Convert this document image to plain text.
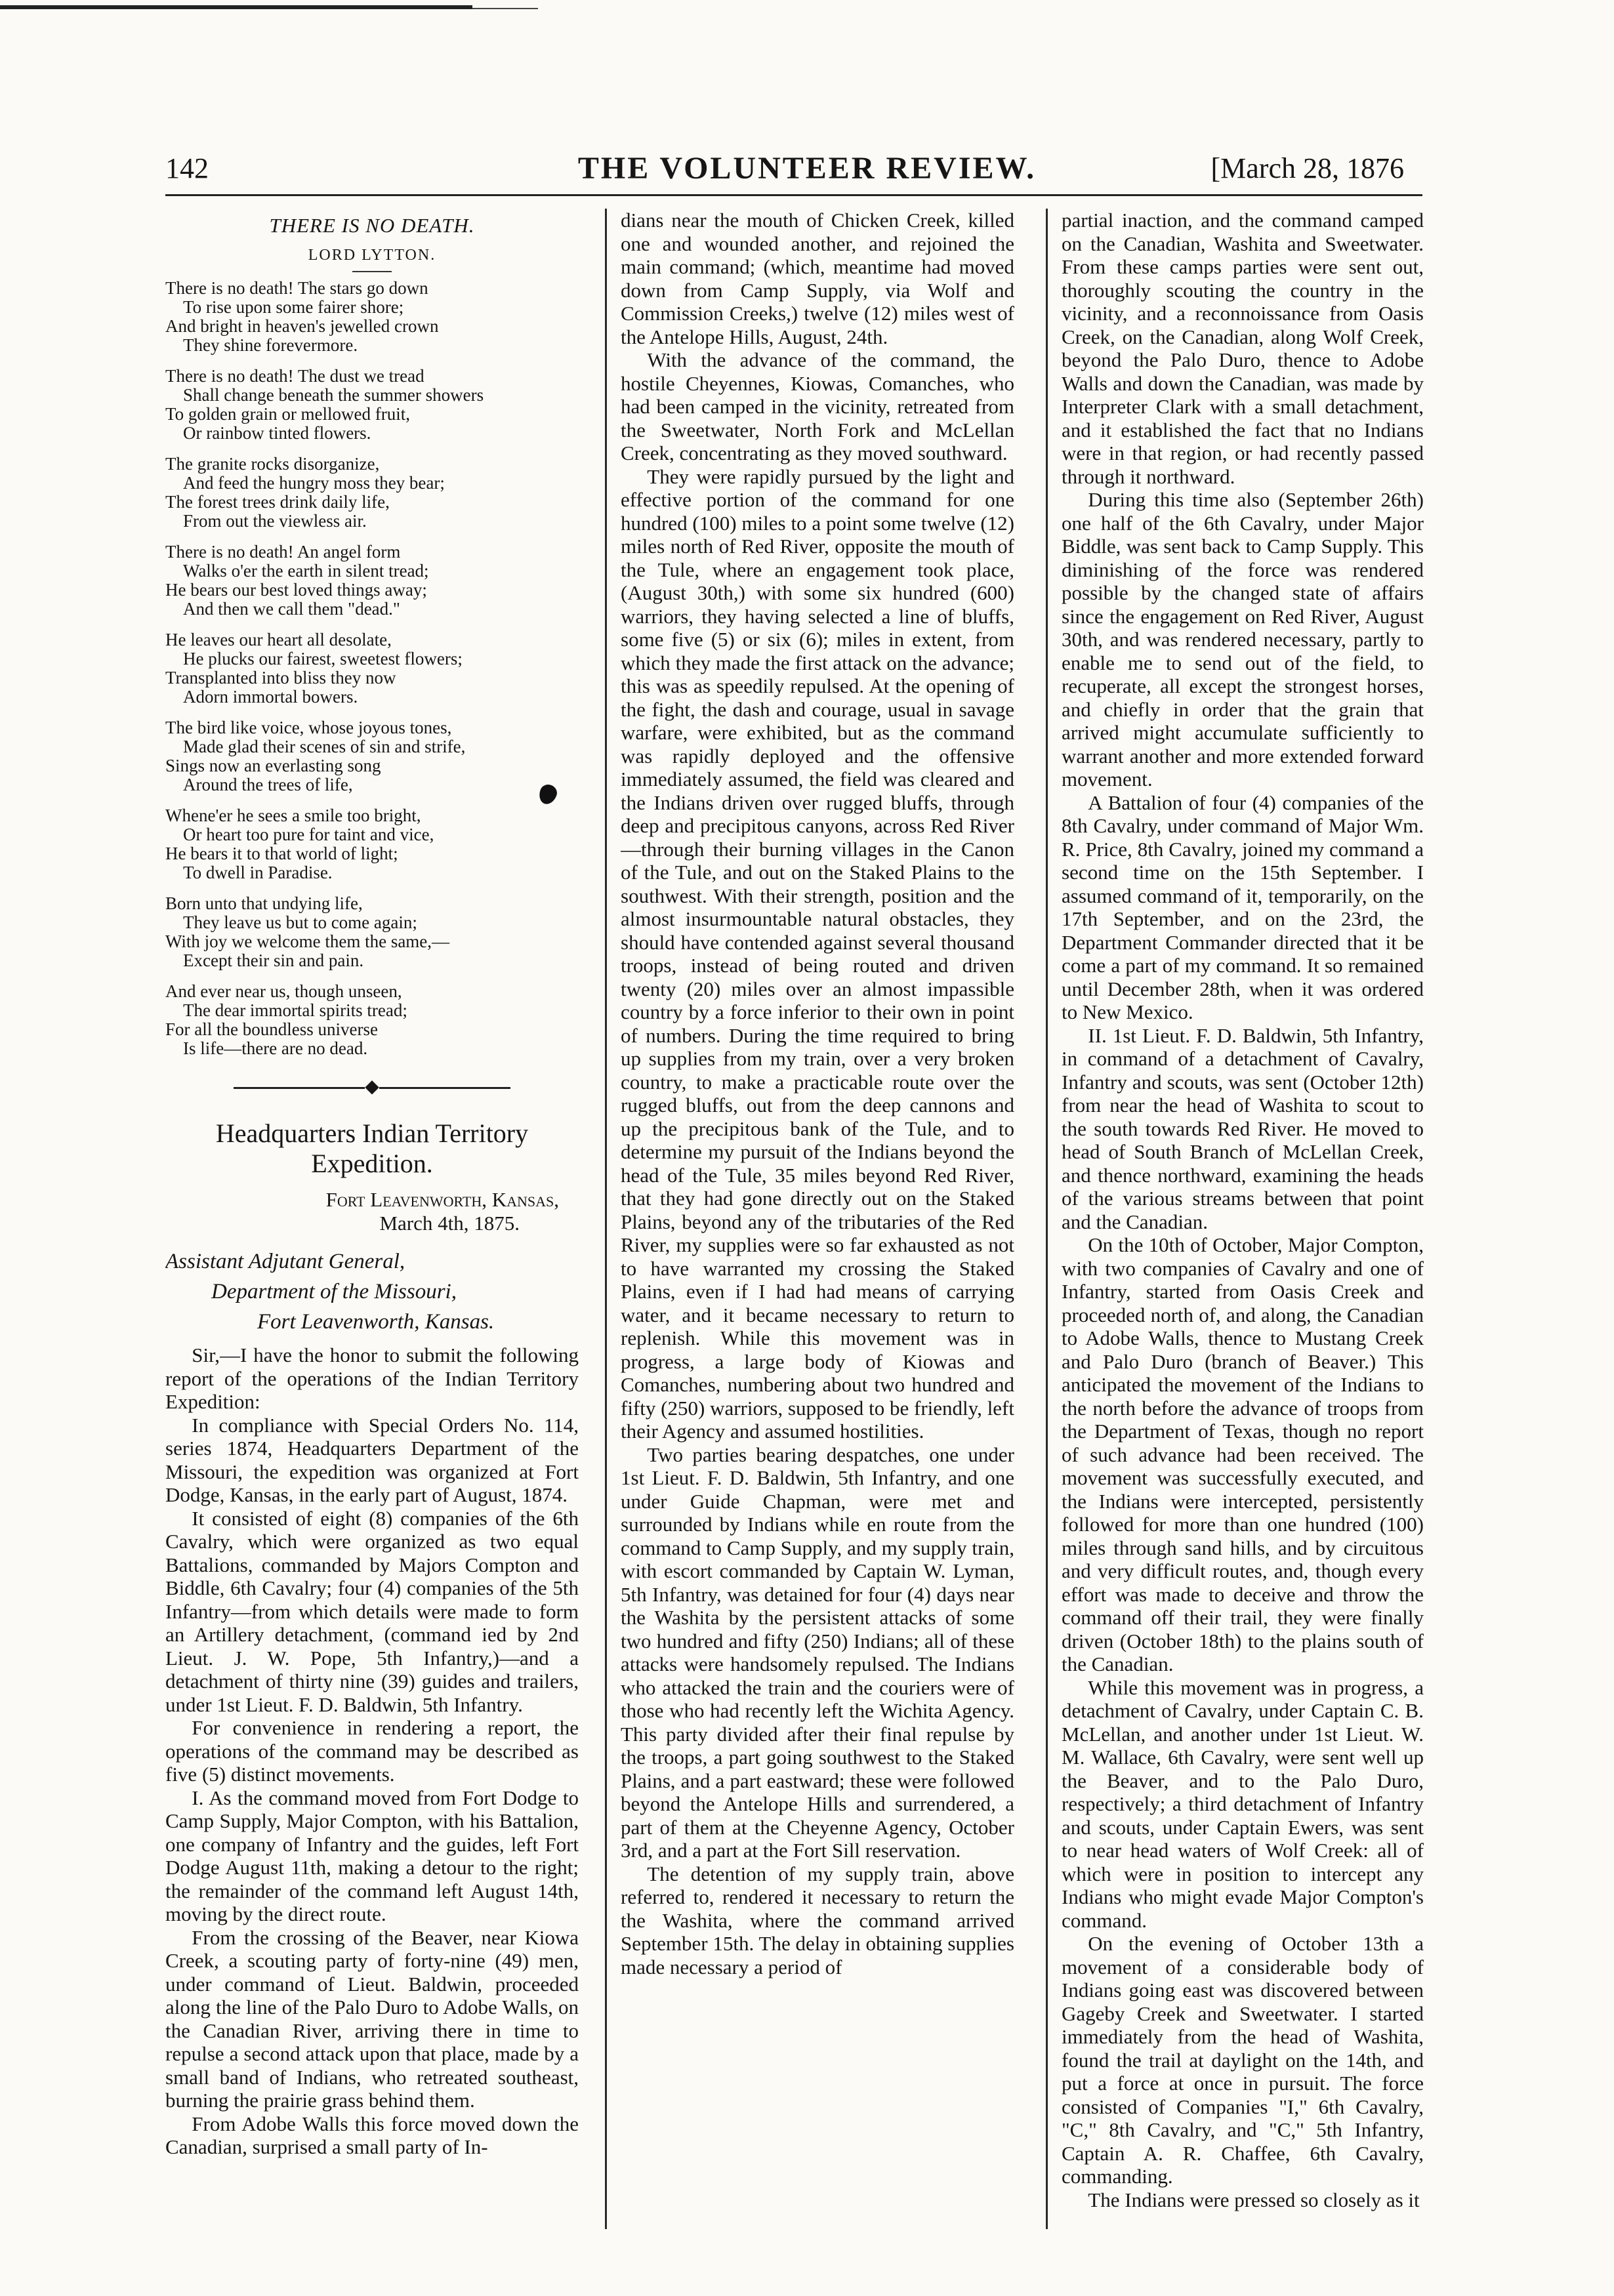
142	THE VOLUNTEER REVIEW.	[March 28, 1876
THERE IS NO DEATH.
LORD LYTTON.
There is no death! The stars go down
To rise upon some fairer shore;
And bright in heaven's jewelled crown
They shine forevermore.
There is no death! The dust we tread
Shall change beneath the summer showers
To golden grain or mellowed fruit,
Or rainbow tinted flowers.
The granite rocks disorganize,
And feed the hungry moss they bear;
The forest trees drink daily life,
From out the viewless air.
There is no death! An angel form
Walks o'er the earth in silent tread;
He bears our best loved things away;
And then we call them "dead."
He leaves our heart all desolate,
He plucks our fairest, sweetest flowers;
Transplanted into bliss they now
Adorn immortal bowers.
The bird like voice, whose joyous tones,
Made glad their scenes of sin and strife,
Sings now an everlasting song
Around the trees of life,
Whene'er he sees a smile too bright,
Or heart too pure for taint and vice,
He bears it to that world of light;
To dwell in Paradise.
Born unto that undying life,
They leave us but to come again;
With joy we welcome them the same,—
Except their sin and pain.
And ever near us, though unseen,
The dear immortal spirits tread;
For all the boundless universe
Is life—there are no dead.
◆
Headquarters Indian Territory Expedition.
Fort Leavenworth, Kansas,
March 4th, 1875.
Assistant Adjutant General,
Department of the Missouri,
Fort Leavenworth, Kansas.

Sir,—I have the honor to submit the following report of the operations of the Indian Territory Expedition:

In compliance with Special Orders No. 114, series 1874, Headquarters Department of the Missouri, the expedition was organized at Fort Dodge, Kansas, in the early part of August, 1874.

It consisted of eight (8) companies of the 6th Cavalry, which were organized as two equal Battalions, commanded by Majors Compton and Biddle, 6th Cavalry; four (4) companies of the 5th Infantry—from which details were made to form an Artillery detachment, (command ied by 2nd Lieut. J. W. Pope, 5th Infantry,)—and a detachment of thirty nine (39) guides and trailers, under 1st Lieut. F. D. Baldwin, 5th Infantry.

For convenience in rendering a report, the operations of the command may be described as five (5) distinct movements.

I. As the command moved from Fort Dodge to Camp Supply, Major Compton, with his Battalion, one company of Infantry and the guides, left Fort Dodge August 11th, making a detour to the right; the remainder of the command left August 14th, moving by the direct route.

From the crossing of the Beaver, near Kiowa Creek, a scouting party of forty-nine (49) men, under command of Lieut. Baldwin, proceeded along the line of the Palo Duro to Adobe Walls, on the Canadian River, arriving there in time to repulse a second attack upon that place, made by a small band of Indians, who retreated southeast, burning the prairie grass behind them.

From Adobe Walls this force moved down the Canadian, surprised a small party of In-

dians near the mouth of Chicken Creek, killed one and wounded another, and rejoined the main command; (which, meantime had moved down from Camp Supply, via Wolf and Commission Creeks,) twelve (12) miles west of the Antelope Hills, August, 24th.

With the advance of the command, the hostile Cheyennes, Kiowas, Comanches, who had been camped in the vicinity, retreated from the Sweetwater, North Fork and McLellan Creek, concentrating as they moved southward.

They were rapidly pursued by the light and effective portion of the command for one hundred (100) miles to a point some twelve (12) miles north of Red River, opposite the mouth of the Tule, where an engagement took place, (August 30th,) with some six hundred (600) warriors, they having selected a line of bluffs, some five (5) or six (6); miles in extent, from which they made the first attack on the advance; this was as speedily repulsed. At the opening of the fight, the dash and courage, usual in savage warfare, were exhibited, but as the command was rapidly deployed and the offensive immediately assumed, the field was cleared and the Indians driven over rugged bluffs, through deep and precipitous canyons, across Red River—through their burning villages in the Canon of the Tule, and out on the Staked Plains to the southwest. With their strength, position and the almost insurmountable natural obstacles, they should have contended against several thousand troops, instead of being routed and driven twenty (20) miles over an almost impassible country by a force inferior to their own in point of numbers. During the time required to bring up supplies from my train, over a very broken country, to make a practicable route over the rugged bluffs, out from the deep cannons and up the precipitous bank of the Tule, and to determine my pursuit of the Indians beyond the head of the Tule, 35 miles beyond Red River, that they had gone directly out on the Staked Plains, beyond any of the tributaries of the Red River, my supplies were so far exhausted as not to have warranted my crossing the Staked Plains, even if I had had means of carrying water, and it became necessary to return to replenish. While this movement was in progress, a large body of Kiowas and Comanches, numbering about two hundred and fifty (250) warriors, supposed to be friendly, left their Agency and assumed hostilities.

Two parties bearing despatches, one under 1st Lieut. F. D. Baldwin, 5th Infantry, and one under Guide Chapman, were met and surrounded by Indians while en route from the command to Camp Supply, and my supply train, with escort commanded by Captain W. Lyman, 5th Infantry, was detained for four (4) days near the Washita by the persistent attacks of some two hundred and fifty (250) Indians; all of these attacks were handsomely repulsed. The Indians who attacked the train and the couriers were of those who had recently left the Wichita Agency. This party divided after their final repulse by the troops, a part going southwest to the Staked Plains, and a part eastward; these were followed beyond the Antelope Hills and surrendered, a part of them at the Cheyenne Agency, October 3rd, and a part at the Fort Sill reservation.

The detention of my supply train, above referred to, rendered it necessary to return the the Washita, where the command arrived September 15th. The delay in obtaining supplies made necessary a period of

partial inaction, and the command camped on the Canadian, Washita and Sweetwater. From these camps parties were sent out, thoroughly scouting the country in the vicinity, and a reconnoissance from Oasis Creek, on the Canadian, along Wolf Creek, beyond the Palo Duro, thence to Adobe Walls and down the Canadian, was made by Interpreter Clark with a small detachment, and it established the fact that no Indians were in that region, or had recently passed through it northward.

During this time also (September 26th) one half of the 6th Cavalry, under Major Biddle, was sent back to Camp Supply. This diminishing of the force was rendered possible by the changed state of affairs since the engagement on Red River, August 30th, and was rendered necessary, partly to enable me to send out of the field, to recuperate, all except the strongest horses, and chiefly in order that the grain that arrived might accumulate sufficiently to warrant another and more extended forward movement.

A Battalion of four (4) companies of the 8th Cavalry, under command of Major Wm. R. Price, 8th Cavalry, joined my command a second time on the 15th September. I assumed command of it, temporarily, on the 17th September, and on the 23rd, the Department Commander directed that it be come a part of my command. It so remained until December 28th, when it was ordered to New Mexico.

II. 1st Lieut. F. D. Baldwin, 5th Infantry, in command of a detachment of Cavalry, Infantry and scouts, was sent (October 12th) from near the head of Washita to scout to the south towards Red River. He moved to head of South Branch of McLellan Creek, and thence northward, examining the heads of the various streams between that point and the Canadian.

On the 10th of October, Major Compton, with two companies of Cavalry and one of Infantry, started from Oasis Creek and proceeded north of, and along, the Canadian to Adobe Walls, thence to Mustang Creek and Palo Duro (branch of Beaver.) This anticipated the movement of the Indians to the north before the advance of troops from the Department of Texas, though no report of such advance had been received. The movement was successfully executed, and the Indians were intercepted, persistently followed for more than one hundred (100) miles through sand hills, and by circuitous and very difficult routes, and, though every effort was made to deceive and throw the command off their trail, they were finally driven (October 18th) to the plains south of the Canadian.

While this movement was in progress, a detachment of Cavalry, under Captain C. B. McLellan, and another under 1st Lieut. W. M. Wallace, 6th Cavalry, were sent well up the Beaver, and to the Palo Duro, respectively; a third detachment of Infantry and scouts, under Captain Ewers, was sent to near head waters of Wolf Creek: all of which were in position to intercept any Indians who might evade Major Compton's command.

On the evening of October 13th a movement of a considerable body of Indians going east was discovered between Gageby Creek and Sweetwater. I started immediately from the head of Washita, found the trail at daylight on the 14th, and put a force at once in pursuit. The force consisted of Companies "I," 6th Cavalry, "C," 8th Cavalry, and "C," 5th Infantry, Captain A. R. Chaffee, 6th Cavalry, commanding.

The Indians were pressed so closely as it
